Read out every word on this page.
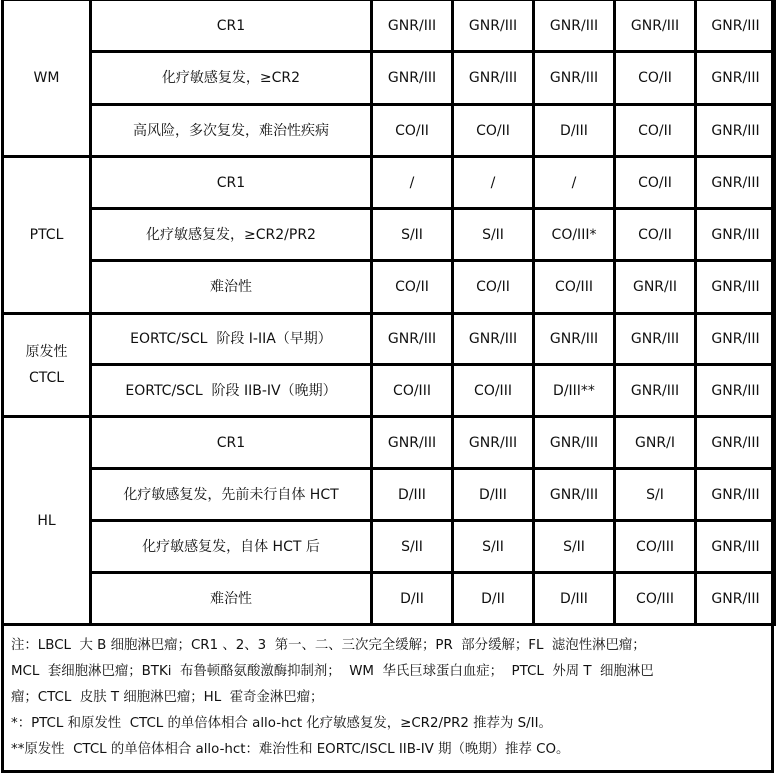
WM	CR1	GNR/III	GNR/III	GNR/III	GNR/III	GNR/III
	化疗敏感复发，≥CR2	GNR/III	GNR/III	GNR/III	CO/II	GNR/III
	高风险，多次复发，难治性疾病	CO/II	CO/II	D/III	CO/II	GNR/III
PTCL	CR1	/	/	/	CO/II	GNR/III
	化疗敏感复发，≥CR2/PR2	S/II	S/II	CO/III*	CO/II	GNR/III
	难治性	CO/II	CO/II	CO/III	GNR/II	GNR/III

原发性
CTCL	EORTC/SCL  阶段 I-IIA（早期）	GNR/III	GNR/III	GNR/III	GNR/III	GNR/III
	EORTC/SCL  阶段 IIB-IV（晚期）	CO/III	CO/III	D/III**	GNR/III	GNR/III
HL	CR1	GNR/III	GNR/III	GNR/III	GNR/I	GNR/III
	化疗敏感复发，先前未行自体 HCT	D/III	D/III	GNR/III	S/I	GNR/III
	化疗敏感复发，自体 HCT 后	S/II	S/II	S/II	CO/III	GNR/III
	难治性	D/II	D/II	D/III	CO/III	GNR/III

注：LBCL  大 B 细胞淋巴瘤；CR1 、2、3  第一、二、三次完全缓解；PR  部分缓解；FL  滤泡性淋巴瘤；

MCL  套细胞淋巴瘤；BTKi  布鲁顿酪氨酸激酶抑制剂；  WM  华氏巨球蛋白血症；  PTCL  外周 T  细胞淋巴

瘤；CTCL  皮肤 T 细胞淋巴瘤；HL  霍奇金淋巴瘤；

*：PTCL 和原发性  CTCL 的单倍体相合 allo-hct 化疗敏感复发，≥CR2/PR2 推荐为 S/II。

**原发性  CTCL 的单倍体相合 allo-hct：难治性和 EORTC/ISCL IIB-IV 期（晚期）推荐 CO。
